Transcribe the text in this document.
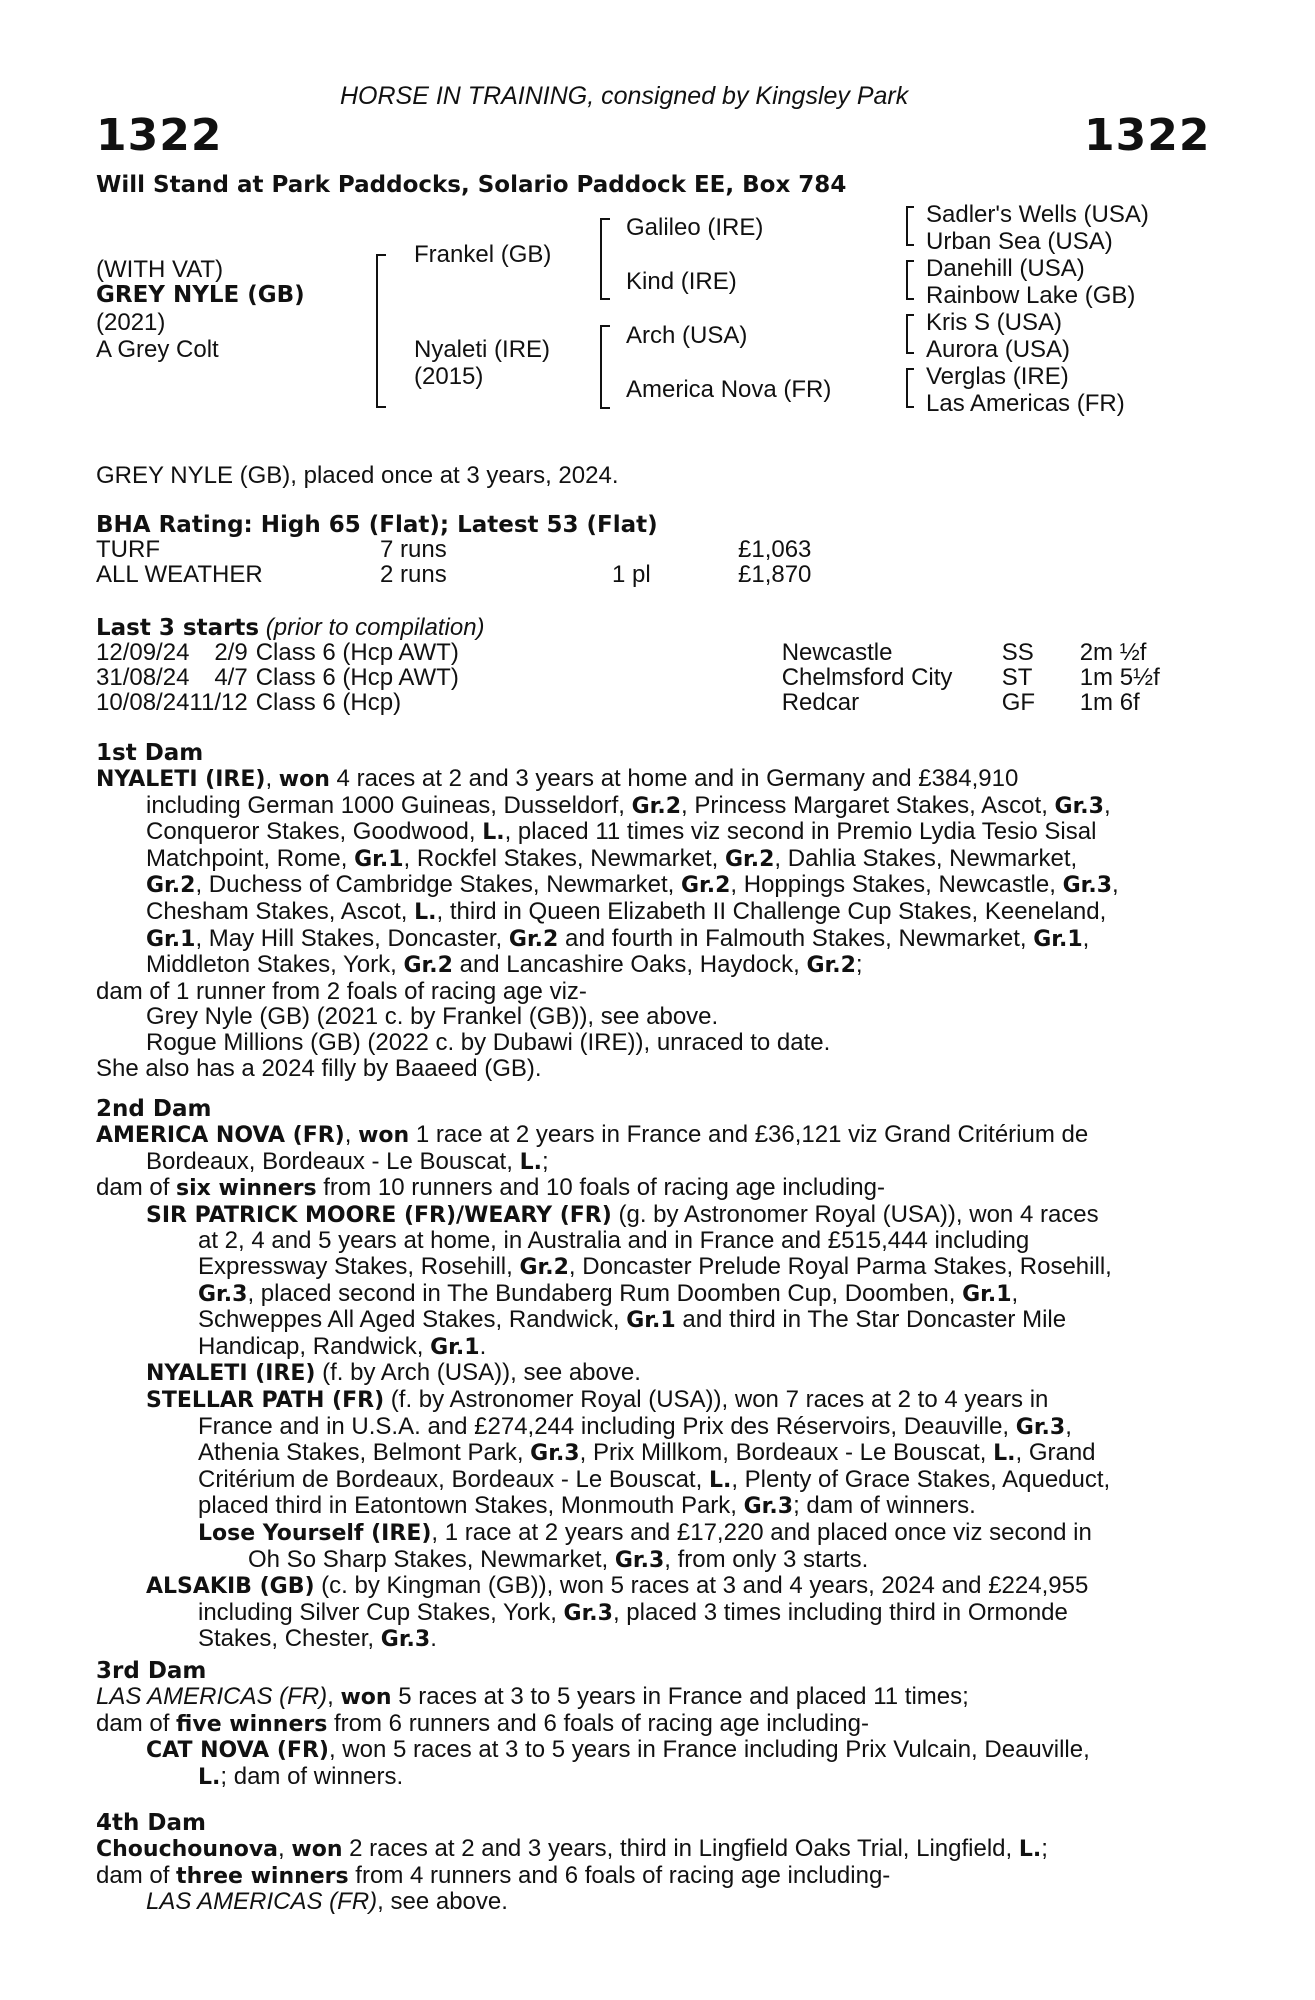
HORSE IN TRAINING, consigned by Kingsley Park
1322	1322
Will Stand at Park Paddocks, Solario Paddock EE, Box 784
(WITH VAT)
GREY NYLE (GB)
(2021)
A Grey Colt
Frankel (GB)
Nyaleti (IRE)
(2015)
Galileo (IRE)
Kind (IRE)
Arch (USA)
America Nova (FR)
Sadler's Wells (USA)
Urban Sea (USA)
Danehill (USA)
Rainbow Lake (GB)
Kris S (USA)
Aurora (USA)
Verglas (IRE)
Las Americas (FR)
GREY NYLE (GB), placed once at 3 years, 2024.
BHA Rating: High 65 (Flat); Latest 53 (Flat)
TURF	7 runs		£1,063
ALL WEATHER	2 runs	1 pl	£1,870
Last 3 starts (prior to compilation)
12/09/24	2/9	Class 6 (Hcp AWT)	Newcastle	SS	2m ½f
31/08/24	4/7	Class 6 (Hcp AWT)	Chelmsford City	ST	1m 5½f
10/08/24	11/12	Class 6 (Hcp)	Redcar	GF	1m 6f
1st Dam
NYALETI (IRE), won 4 races at 2 and 3 years at home and in Germany and £384,910
including German 1000 Guineas, Dusseldorf, Gr.2, Princess Margaret Stakes, Ascot, Gr.3,
Conqueror Stakes, Goodwood, L., placed 11 times viz second in Premio Lydia Tesio Sisal
Matchpoint, Rome, Gr.1, Rockfel Stakes, Newmarket, Gr.2, Dahlia Stakes, Newmarket,
Gr.2, Duchess of Cambridge Stakes, Newmarket, Gr.2, Hoppings Stakes, Newcastle, Gr.3,
Chesham Stakes, Ascot, L., third in Queen Elizabeth II Challenge Cup Stakes, Keeneland,
Gr.1, May Hill Stakes, Doncaster, Gr.2 and fourth in Falmouth Stakes, Newmarket, Gr.1,
Middleton Stakes, York, Gr.2 and Lancashire Oaks, Haydock, Gr.2;
dam of 1 runner from 2 foals of racing age viz-
Grey Nyle (GB) (2021 c. by Frankel (GB)), see above.
Rogue Millions (GB) (2022 c. by Dubawi (IRE)), unraced to date.
She also has a 2024 filly by Baaeed (GB).
2nd Dam
AMERICA NOVA (FR), won 1 race at 2 years in France and £36,121 viz Grand Critérium de
Bordeaux, Bordeaux - Le Bouscat, L.;
dam of six winners from 10 runners and 10 foals of racing age including-
SIR PATRICK MOORE (FR)/WEARY (FR) (g. by Astronomer Royal (USA)), won 4 races
at 2, 4 and 5 years at home, in Australia and in France and £515,444 including
Expressway Stakes, Rosehill, Gr.2, Doncaster Prelude Royal Parma Stakes, Rosehill,
Gr.3, placed second in The Bundaberg Rum Doomben Cup, Doomben, Gr.1,
Schweppes All Aged Stakes, Randwick, Gr.1 and third in The Star Doncaster Mile
Handicap, Randwick, Gr.1.
NYALETI (IRE) (f. by Arch (USA)), see above.
STELLAR PATH (FR) (f. by Astronomer Royal (USA)), won 7 races at 2 to 4 years in
France and in U.S.A. and £274,244 including Prix des Réservoirs, Deauville, Gr.3,
Athenia Stakes, Belmont Park, Gr.3, Prix Millkom, Bordeaux - Le Bouscat, L., Grand
Critérium de Bordeaux, Bordeaux - Le Bouscat, L., Plenty of Grace Stakes, Aqueduct,
placed third in Eatontown Stakes, Monmouth Park, Gr.3; dam of winners.
Lose Yourself (IRE), 1 race at 2 years and £17,220 and placed once viz second in
Oh So Sharp Stakes, Newmarket, Gr.3, from only 3 starts.
ALSAKIB (GB) (c. by Kingman (GB)), won 5 races at 3 and 4 years, 2024 and £224,955
including Silver Cup Stakes, York, Gr.3, placed 3 times including third in Ormonde
Stakes, Chester, Gr.3.
3rd Dam
LAS AMERICAS (FR), won 5 races at 3 to 5 years in France and placed 11 times;
dam of five winners from 6 runners and 6 foals of racing age including-
CAT NOVA (FR), won 5 races at 3 to 5 years in France including Prix Vulcain, Deauville,
L.; dam of winners.
4th Dam
Chouchounova, won 2 races at 2 and 3 years, third in Lingfield Oaks Trial, Lingfield, L.;
dam of three winners from 4 runners and 6 foals of racing age including-
LAS AMERICAS (FR), see above.
